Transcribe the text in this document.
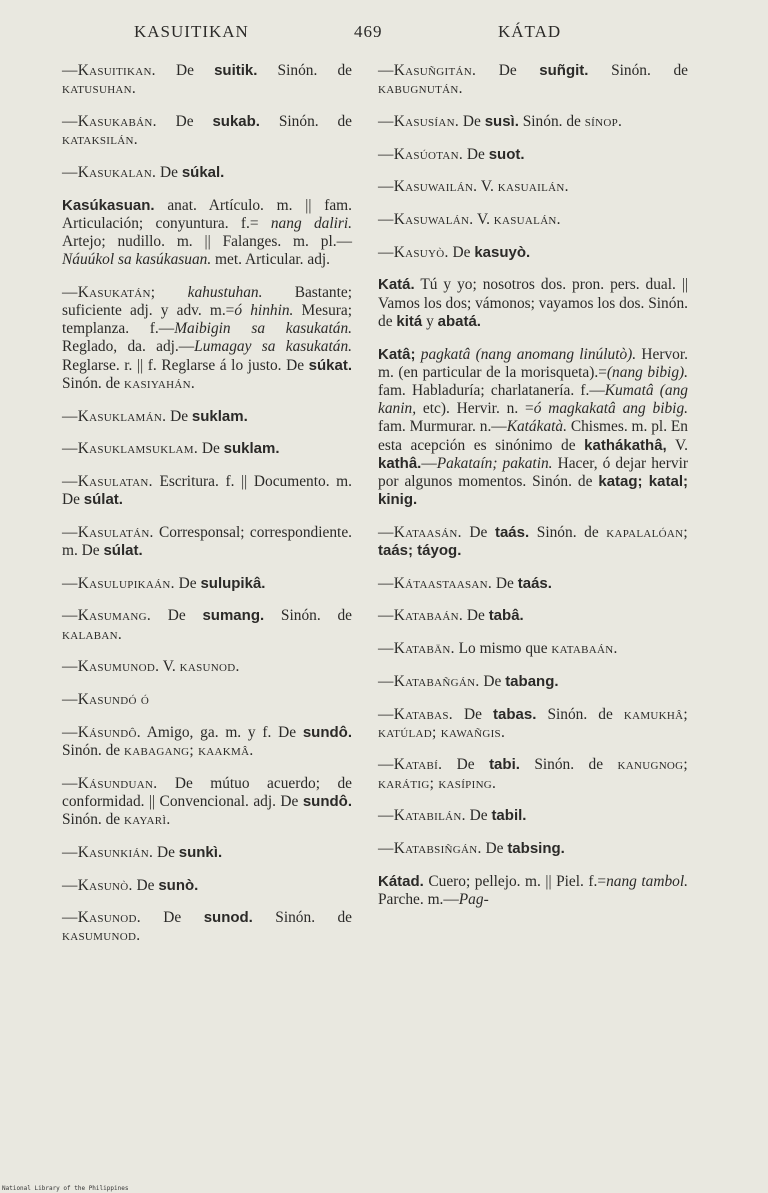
KASUITIKAN	469	KÁTAD
—Kasuitikan. De suitik. Sinón. de katusuhan.
—Kasukabán. De sukab. Sinón. de kataksilán.
—Kasukalan. De súkal.
Kasúkasuan. anat. Artículo. m. || fam. Articulación; conyuntura. f.= nang daliri. Artejo; nudillo. m. || Falanges. m. pl.—Náuúkol sa kasúkasuan. met. Articular. adj.
—Kasukatán; kahustuhan. Bastante; suficiente adj. y adv. m.=ó hinhin. Mesura; templanza. f.—Maibigin sa kasukatán. Reglado, da. adj.—Lumagay sa kasukatán. Reglarse. r. || f. Reglarse á lo justo. De súkat. Sinón. de kasiyahán.
—Kasuklamán. De suklam.
—Kasuklamsuklam. De suklam.
—Kasulatan. Escritura. f. || Documento. m. De súlat.
—Kasulatán. Corresponsal; correspondiente. m. De súlat.
—Kasulupikaán. De sulupikâ.
—Kasumang. De sumang. Sinón. de kalaban.
—Kasumunod. V. kasunod.
—Kasundó ó
—Kásundô. Amigo, ga. m. y f. De sundô. Sinón. de kabagang; kaakmâ.
—Kásunduan. De mútuo acuerdo; de conformidad. || Convencional. adj. De sundô. Sinón. de kayarì.
—Kasunkián. De sunkì.
—Kasunò. De sunò.
—Kasunod. De sunod. Sinón. de kasumunod.
—Kasuñgitán. De suñgit. Sinón. de kabugnután.
—Kasusían. De susì. Sinón. de sínop.
—Kasúotan. De suot.
—Kasuwailán. V. kasuailán.
—Kasuwalán. V. kasualán.
—Kasuyò. De kasuyò.
Katá. Tú y yo; nosotros dos. pron. pers. dual. || Vamos los dos; vámonos; vayamos los dos. Sinón. de kitá y abatá.
Katâ; pagkatâ (nang anomang linúlutò). Hervor. m. (en particular de la morisqueta).=(nang bibig). fam. Habladuría; charlatanería. f.—Kumatâ (ang kanin, etc). Hervir. n. =ó magkakatâ ang bibig. fam. Murmurar. n.—Katákatà. Chismes. m. pl. En esta acepción es sinónimo de kathákathâ, V. kathâ.—Pakataín; pakatin. Hacer, ó dejar hervir por algunos momentos. Sinón. de katag; katal; kinig.
—Kataasán. De taás. Sinón. de kapalalóan; taás; táyog.
—Kátaastaasan. De taás.
—Katabaán. De tabâ.
—Katabän. Lo mismo que katabaán.
—Katabañgán. De tabang.
—Katabas. De tabas. Sinón. de kamukhâ; katúlad; kawañgis.
—Katabí. De tabi. Sinón. de kanugnog; karátig; kasíping.
—Katabilán. De tabil.
—Katabsiñgán. De tabsing.
Kátad. Cuero; pellejo. m. || Piel. f.=nang tambol. Parche. m.—Pag-
National Library of the Philippines
